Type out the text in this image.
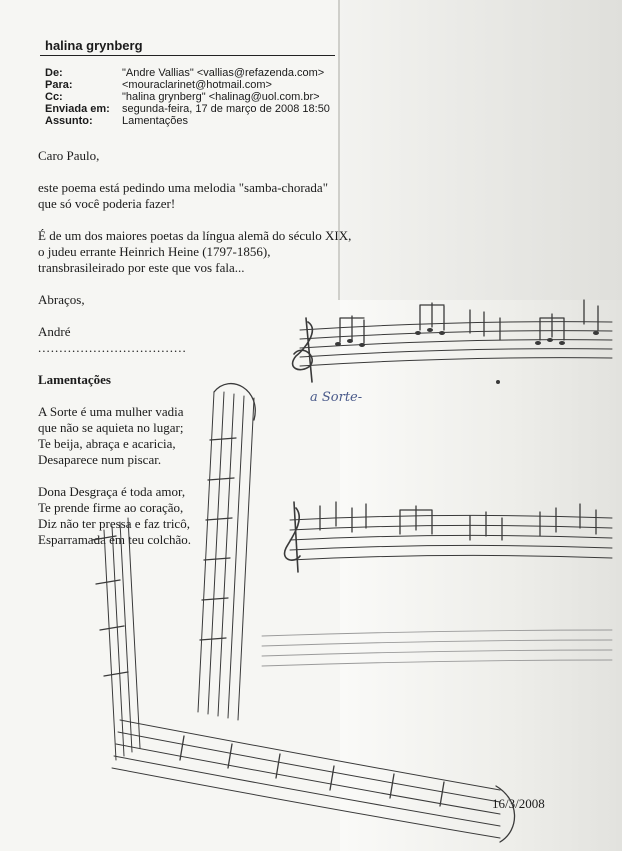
halina grynberg
De:	"Andre Vallias" <vallias@refazenda.com>
Para:	<mouraclarinet@hotmail.com>
Cc:	"halina grynberg" <halinag@uol.com.br>
Enviada em: segunda-feira, 17 de março de 2008 18:50
Assunto:	Lamentações

Caro Paulo,

este poema está pedindo uma melodia "samba-chorada"

que só você poderia fazer!

É de um dos maiores poetas da língua alemã do século XIX,

o judeu errante Heinrich Heine (1797-1856),

transbrasileirado por este que vos fala...

Abraços,

André

...................................

Lamentações

A Sorte é uma mulher vadia

que não se aquieta no lugar;

Te beija, abraça e acaricia,

Desaparece num piscar.

Dona Desgraça é toda amor,

Te prende firme ao coração,

Diz não ter pressa e faz tricô,

Esparramada em teu colchão.

a Sorte-
16/3/2008
